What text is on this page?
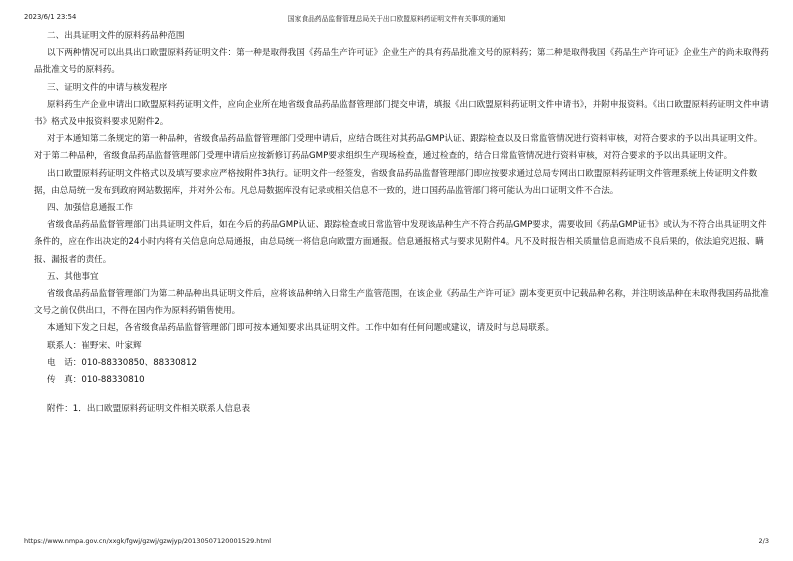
2023/6/1 23:54	国家食品药品监督管理总局关于出口欧盟原料药证明文件有关事项的通知

二、出具证明文件的原料药品种范围

以下两种情况可以出具出口欧盟原料药证明文件：第一种是取得我国《药品生产许可证》企业生产的具有药品批准文号的原料药；第二种是取得我国《药品生产许可证》企业生产的尚未取得药品批准文号的原料药。

三、证明文件的申请与核发程序

原料药生产企业申请出口欧盟原料药证明文件，应向企业所在地省级食品药品监督管理部门提交申请，填报《出口欧盟原料药证明文件申请书》，并附申报资料。《出口欧盟原料药证明文件申请书》格式及申报资料要求见附件2。

对于本通知第二条规定的第一种品种，省级食品药品监督管理部门受理申请后，应结合既往对其药品GMP认证、跟踪检查以及日常监管情况进行资料审核，对符合要求的予以出具证明文件。对于第二种品种，省级食品药品监督管理部门受理申请后应按新修订药品GMP要求组织生产现场检查，通过检查的，结合日常监管情况进行资料审核，对符合要求的予以出具证明文件。

出口欧盟原料药证明文件格式以及填写要求应严格按附件3执行。证明文件一经签发，省级食品药品监督管理部门即应按要求通过总局专网出口欧盟原料药证明文件管理系统上传证明文件数据，由总局统一发布到政府网站数据库，并对外公布。凡总局数据库没有记录或相关信息不一致的，进口国药品监管部门将可能认为出口证明文件不合法。

四、加强信息通报工作

省级食品药品监督管理部门出具证明文件后，如在今后的药品GMP认证、跟踪检查或日常监管中发现该品种生产不符合药品GMP要求，需要收回《药品GMP证书》或认为不符合出具证明文件条件的，应在作出决定的24小时内将有关信息向总局通报，由总局统一将信息向欧盟方面通报。信息通报格式与要求见附件4。凡不及时报告相关质量信息而造成不良后果的，依法追究迟报、瞒报、漏报者的责任。

五、其他事宜

省级食品药品监督管理部门为第二种品种出具证明文件后，应将该品种纳入日常生产监管范围，在该企业《药品生产许可证》副本变更页中记载品种名称，并注明该品种在未取得我国药品批准文号之前仅供出口，不得在国内作为原料药销售使用。

本通知下发之日起，各省级食品药品监督管理部门即可按本通知要求出具证明文件。工作中如有任何问题或建议，请及时与总局联系。

联系人：崔野宋、叶家辉

电　话：010-88330850、88330812

传　真：010-88330810

附件：1．出口欧盟原料药证明文件相关联系人信息表

https://www.nmpa.gov.cn/xxgk/fgwj/gzwj/gzwjyp/20130507120001529.html	2/3
